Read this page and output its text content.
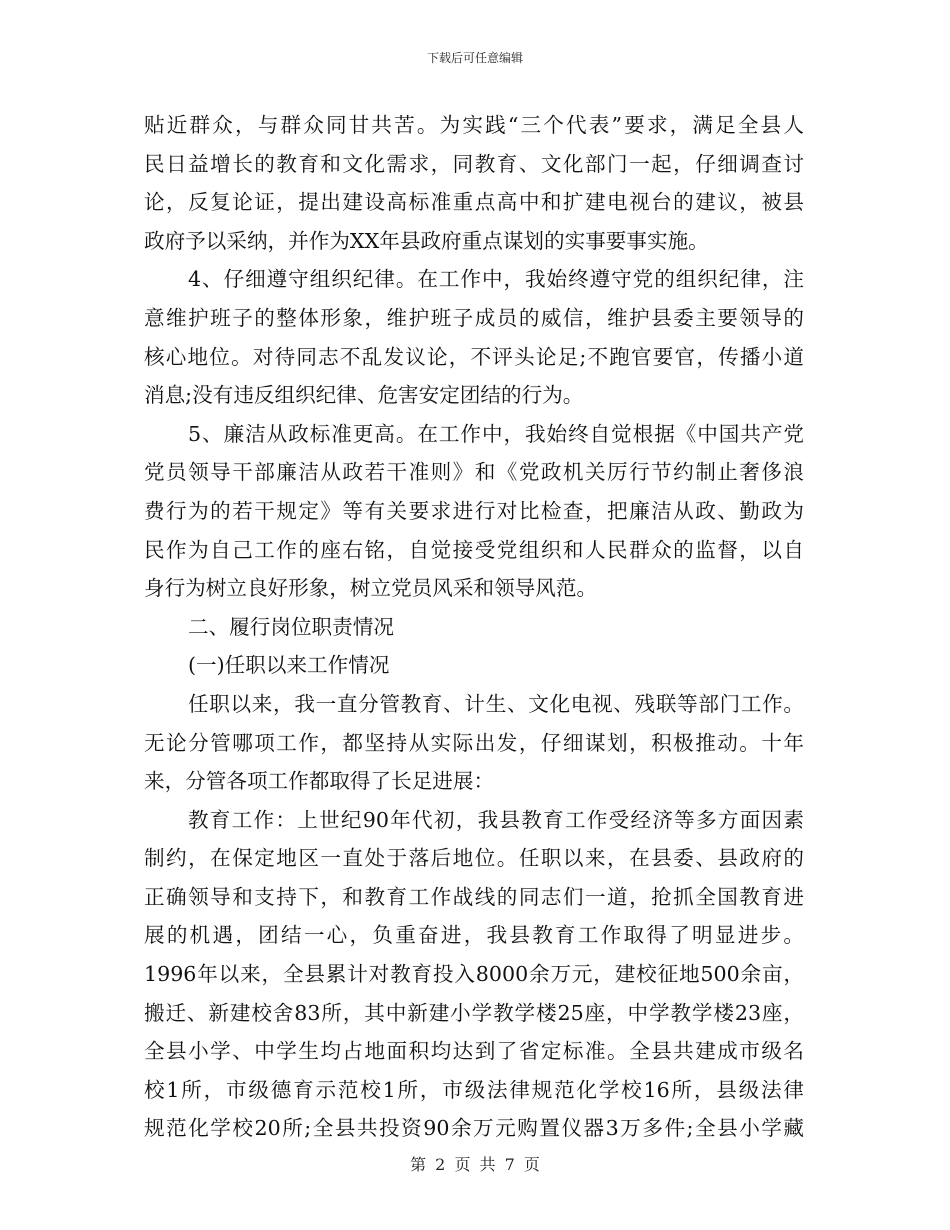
下载后可任意编辑
贴近群众，与群众同甘共苦。为实践“三个代表”要求，满足全县人
民日益增长的教育和文化需求，同教育、文化部门一起，仔细调查讨
论，反复论证，提出建设高标准重点高中和扩建电视台的建议，被县
政府予以采纳，并作为XX年县政府重点谋划的实事要事实施。
4、仔细遵守组织纪律。在工作中，我始终遵守党的组织纪律，注
意维护班子的整体形象，维护班子成员的威信，维护县委主要领导的
核心地位。对待同志不乱发议论，不评头论足;不跑官要官，传播小道
消息;没有违反组织纪律、危害安定团结的行为。
5、廉洁从政标准更高。在工作中，我始终自觉根据《中国共产党
党员领导干部廉洁从政若干准则》和《党政机关厉行节约制止奢侈浪
费行为的若干规定》等有关要求进行对比检查，把廉洁从政、勤政为
民作为自己工作的座右铭，自觉接受党组织和人民群众的监督，以自
身行为树立良好形象，树立党员风采和领导风范。
二、履行岗位职责情况
(一)任职以来工作情况
任职以来，我一直分管教育、计生、文化电视、残联等部门工作。
无论分管哪项工作，都坚持从实际出发，仔细谋划，积极推动。十年
来，分管各项工作都取得了长足进展：
教育工作：上世纪90年代初，我县教育工作受经济等多方面因素
制约，在保定地区一直处于落后地位。任职以来，在县委、县政府的
正确领导和支持下，和教育工作战线的同志们一道，抢抓全国教育进
展的机遇，团结一心，负重奋进，我县教育工作取得了明显进步。
1996年以来，全县累计对教育投入8000余万元，建校征地500余亩，
搬迁、新建校舍83所，其中新建小学教学楼25座，中学教学楼23座，
全县小学、中学生均占地面积均达到了省定标准。全县共建成市级名
校1所，市级德育示范校1所，市级法律规范化学校16所，县级法律
规范化学校20所;全县共投资90余万元购置仪器3万多件;全县小学藏
第 2 页 共 7 页
